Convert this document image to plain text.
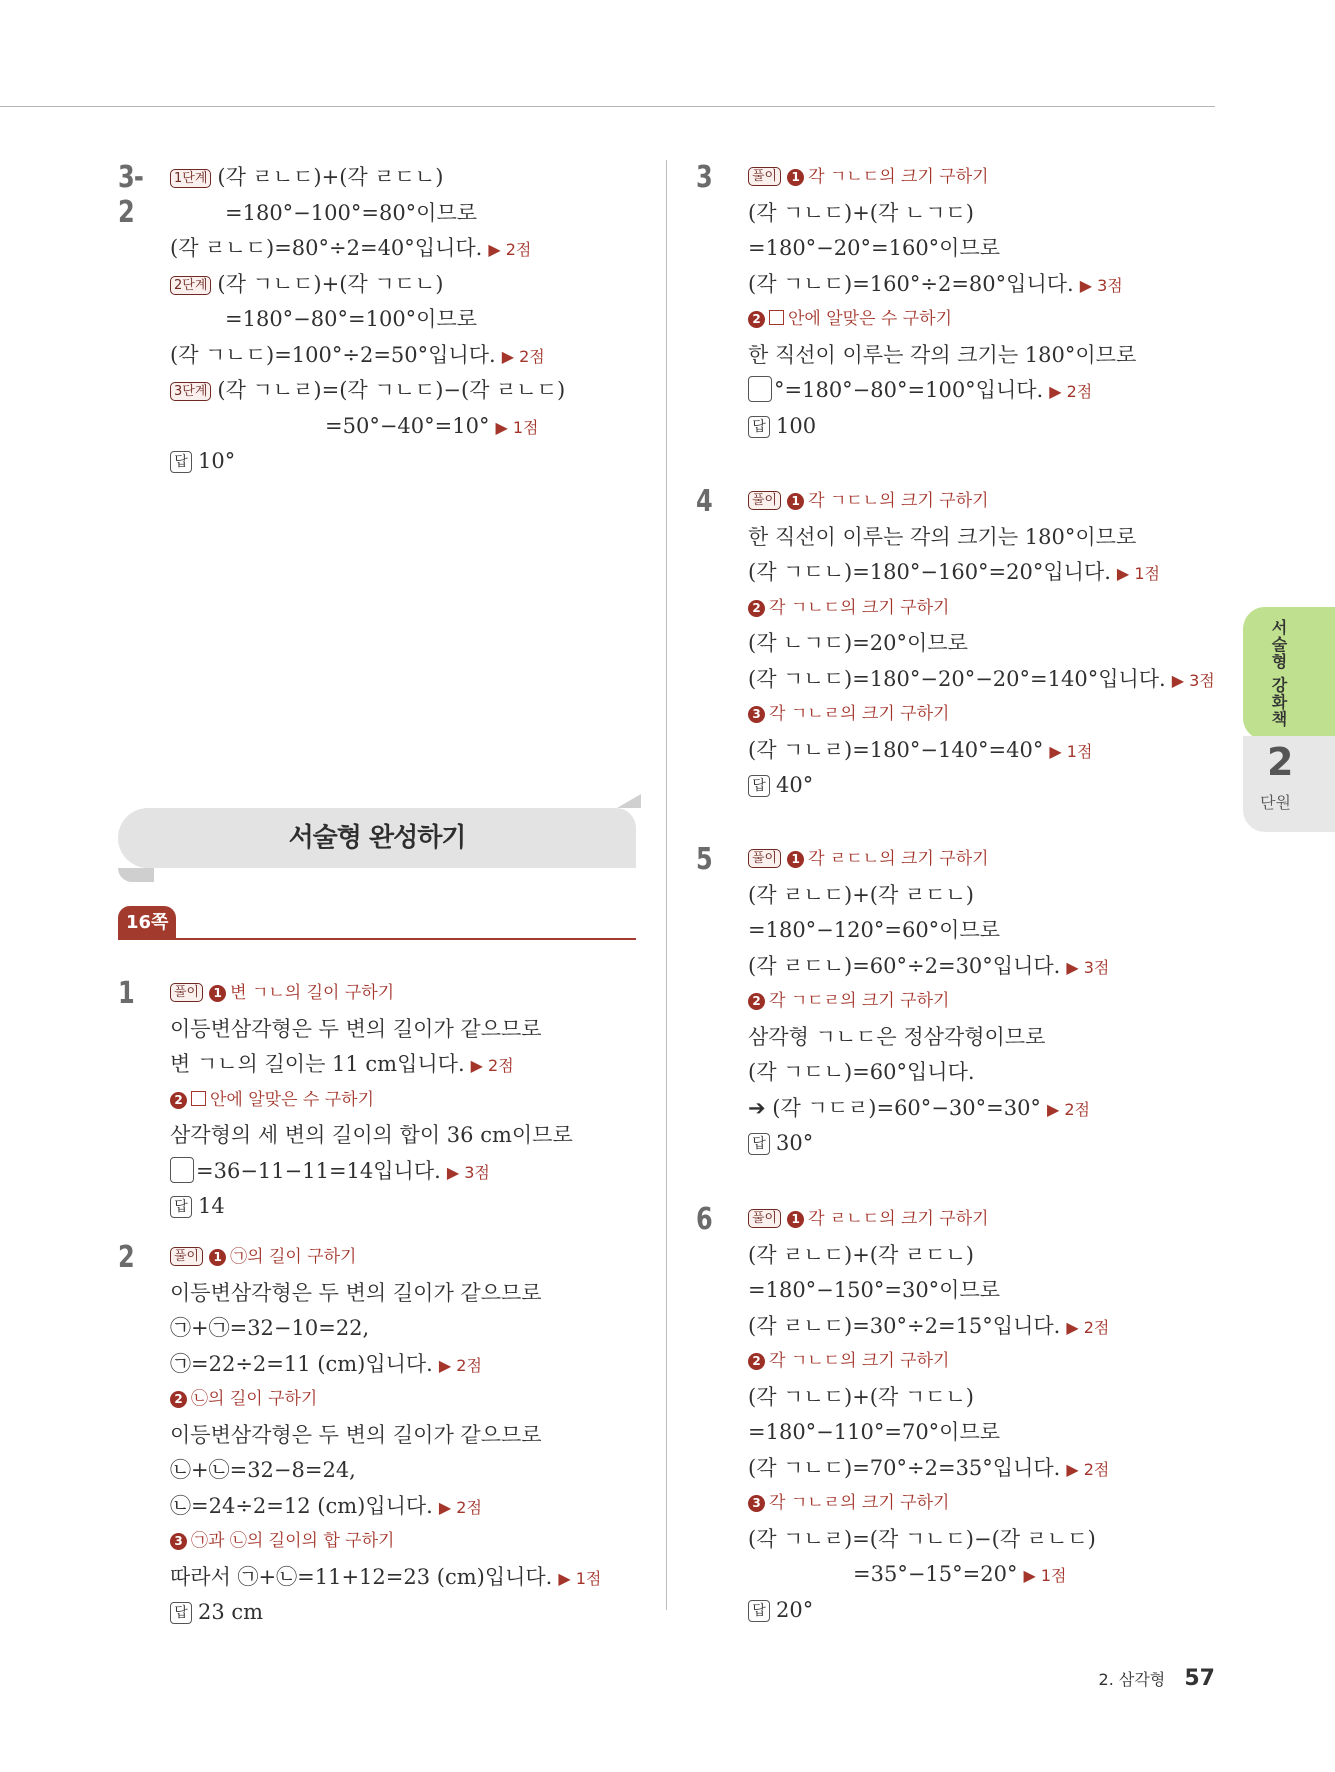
3-2
1단계 (각 ㄹㄴㄷ)+(각 ㄹㄷㄴ)
=180°−100°=80°이므로
(각 ㄹㄴㄷ)=80°÷2=40°입니다. ▶ 2점
2단계 (각 ㄱㄴㄷ)+(각 ㄱㄷㄴ)
=180°−80°=100°이므로
(각 ㄱㄴㄷ)=100°÷2=50°입니다. ▶ 2점
3단계 (각 ㄱㄴㄹ)=(각 ㄱㄴㄷ)−(각 ㄹㄴㄷ)
=50°−40°=10° ▶ 1점
답 10°
서술형 완성하기
16쪽
1	풀이 1 변 ㄱㄴ의 길이 구하기
이등변삼각형은 두 변의 길이가 같으므로
변 ㄱㄴ의 길이는 11 cm입니다. ▶ 2점
2 안에 알맞은 수 구하기
삼각형의 세 변의 길이의 합이 36 cm이므로
=36−11−11=14입니다. ▶ 3점
답 14
2	풀이 1 ㉠의 길이 구하기
이등변삼각형은 두 변의 길이가 같으므로
㉠+㉠=32−10=22,
㉠=22÷2=11 (cm)입니다. ▶ 2점
2 ㉡의 길이 구하기
이등변삼각형은 두 변의 길이가 같으므로
㉡+㉡=32−8=24,
㉡=24÷2=12 (cm)입니다. ▶ 2점
3 ㉠과 ㉡의 길이의 합 구하기
따라서 ㉠+㉡=11+12=23 (cm)입니다. ▶ 1점
답 23 cm
3	풀이 1 각 ㄱㄴㄷ의 크기 구하기
(각 ㄱㄴㄷ)+(각 ㄴㄱㄷ)
=180°−20°=160°이므로
(각 ㄱㄴㄷ)=160°÷2=80°입니다. ▶ 3점
2 안에 알맞은 수 구하기
한 직선이 이루는 각의 크기는 180°이므로
°=180°−80°=100°입니다. ▶ 2점
답 100
4	풀이 1 각 ㄱㄷㄴ의 크기 구하기
한 직선이 이루는 각의 크기는 180°이므로
(각 ㄱㄷㄴ)=180°−160°=20°입니다. ▶ 1점
2 각 ㄱㄴㄷ의 크기 구하기
(각 ㄴㄱㄷ)=20°이므로
(각 ㄱㄴㄷ)=180°−20°−20°=140°입니다. ▶ 3점
3 각 ㄱㄴㄹ의 크기 구하기
(각 ㄱㄴㄹ)=180°−140°=40° ▶ 1점
답 40°
5	풀이 1 각 ㄹㄷㄴ의 크기 구하기
(각 ㄹㄴㄷ)+(각 ㄹㄷㄴ)
=180°−120°=60°이므로
(각 ㄹㄷㄴ)=60°÷2=30°입니다. ▶ 3점
2 각 ㄱㄷㄹ의 크기 구하기
삼각형 ㄱㄴㄷ은 정삼각형이므로
(각 ㄱㄷㄴ)=60°입니다.
➔ (각 ㄱㄷㄹ)=60°−30°=30° ▶ 2점
답 30°
6	풀이 1 각 ㄹㄴㄷ의 크기 구하기
(각 ㄹㄴㄷ)+(각 ㄹㄷㄴ)
=180°−150°=30°이므로
(각 ㄹㄴㄷ)=30°÷2=15°입니다. ▶ 2점
2 각 ㄱㄴㄷ의 크기 구하기
(각 ㄱㄴㄷ)+(각 ㄱㄷㄴ)
=180°−110°=70°이므로
(각 ㄱㄴㄷ)=70°÷2=35°입니다. ▶ 2점
3 각 ㄱㄴㄹ의 크기 구하기
(각 ㄱㄴㄹ)=(각 ㄱㄴㄷ)−(각 ㄹㄴㄷ)
=35°−15°=20° ▶ 1점
답 20°
서술형 강화책
2
단원
2. 삼각형 57
